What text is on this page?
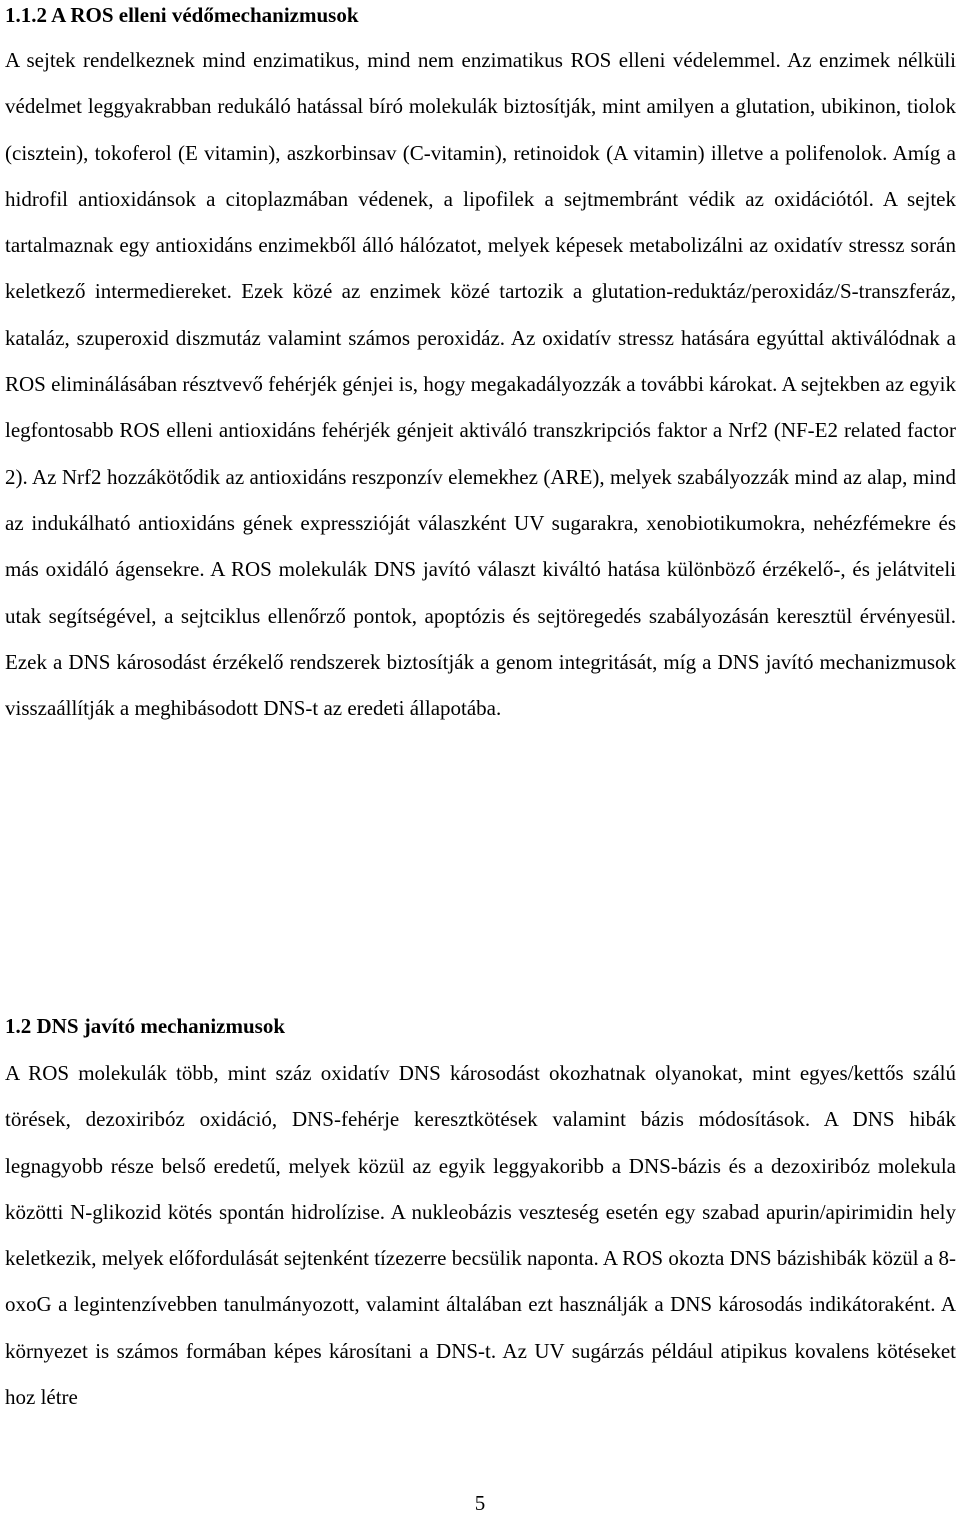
1.1.2 A ROS elleni védőmechanizmusok

A sejtek rendelkeznek mind enzimatikus, mind nem enzimatikus ROS elleni védelemmel. Az enzimek nélküli védelmet leggyakrabban redukáló hatással bíró molekulák biztosítják, mint amilyen a glutation, ubikinon, tiolok (cisztein), tokoferol (E vitamin), aszkorbinsav (C-vitamin), retinoidok (A vitamin) illetve a polifenolok. Amíg a hidrofil antioxidánsok a citoplazmában védenek, a lipofilek a sejtmembránt védik az oxidációtól. A sejtek tartalmaznak egy antioxidáns enzimekből álló hálózatot, melyek képesek metabolizálni az oxidatív stressz során keletkező intermediereket. Ezek közé az enzimek közé tartozik a glutation-reduktáz/peroxidáz/S-transzferáz, kataláz, szuperoxid diszmutáz valamint számos peroxidáz. Az oxidatív stressz hatására egyúttal aktiválódnak a ROS eliminálásában résztvevő fehérjék génjei is, hogy megakadályozzák a további károkat. A sejtekben az egyik legfontosabb ROS elleni antioxidáns fehérjék génjeit aktiváló transzkripciós faktor a Nrf2 (NF-E2 related factor 2). Az Nrf2 hozzákötődik az antioxidáns reszponzív elemekhez (ARE), melyek szabályozzák mind az alap, mind az indukálható antioxidáns gének expresszióját válaszként UV sugarakra, xenobiotikumokra, nehézfémekre és más oxidáló ágensekre. A ROS molekulák DNS javító választ kiváltó hatása különböző érzékelő-, és jelátviteli utak segítségével, a sejtciklus ellenőrző pontok, apoptózis és sejtöregedés szabályozásán keresztül érvényesül. Ezek a DNS károsodást érzékelő rendszerek biztosítják a genom integritását, míg a DNS javító mechanizmusok visszaállítják a meghibásodott DNS-t az eredeti állapotába.

1.2 DNS javító mechanizmusok

A ROS molekulák több, mint száz oxidatív DNS károsodást okozhatnak olyanokat, mint egyes/kettős szálú törések, dezoxiribóz oxidáció, DNS-fehérje keresztkötések valamint bázis módosítások. A DNS hibák legnagyobb része belső eredetű, melyek közül az egyik leggyakoribb a DNS-bázis és a dezoxiribóz molekula közötti N-glikozid kötés spontán hidrolízise. A nukleobázis veszteség esetén egy szabad apurin/apirimidin hely keletkezik, melyek előfordulását sejtenként tízezerre becsülik naponta. A ROS okozta DNS bázishibák közül a 8-oxoG a legintenzívebben tanulmányozott, valamint általában ezt használják a DNS károsodás indikátoraként. A környezet is számos formában képes károsítani a DNS-t. Az UV sugárzás például atipikus kovalens kötéseket hoz létre

5
